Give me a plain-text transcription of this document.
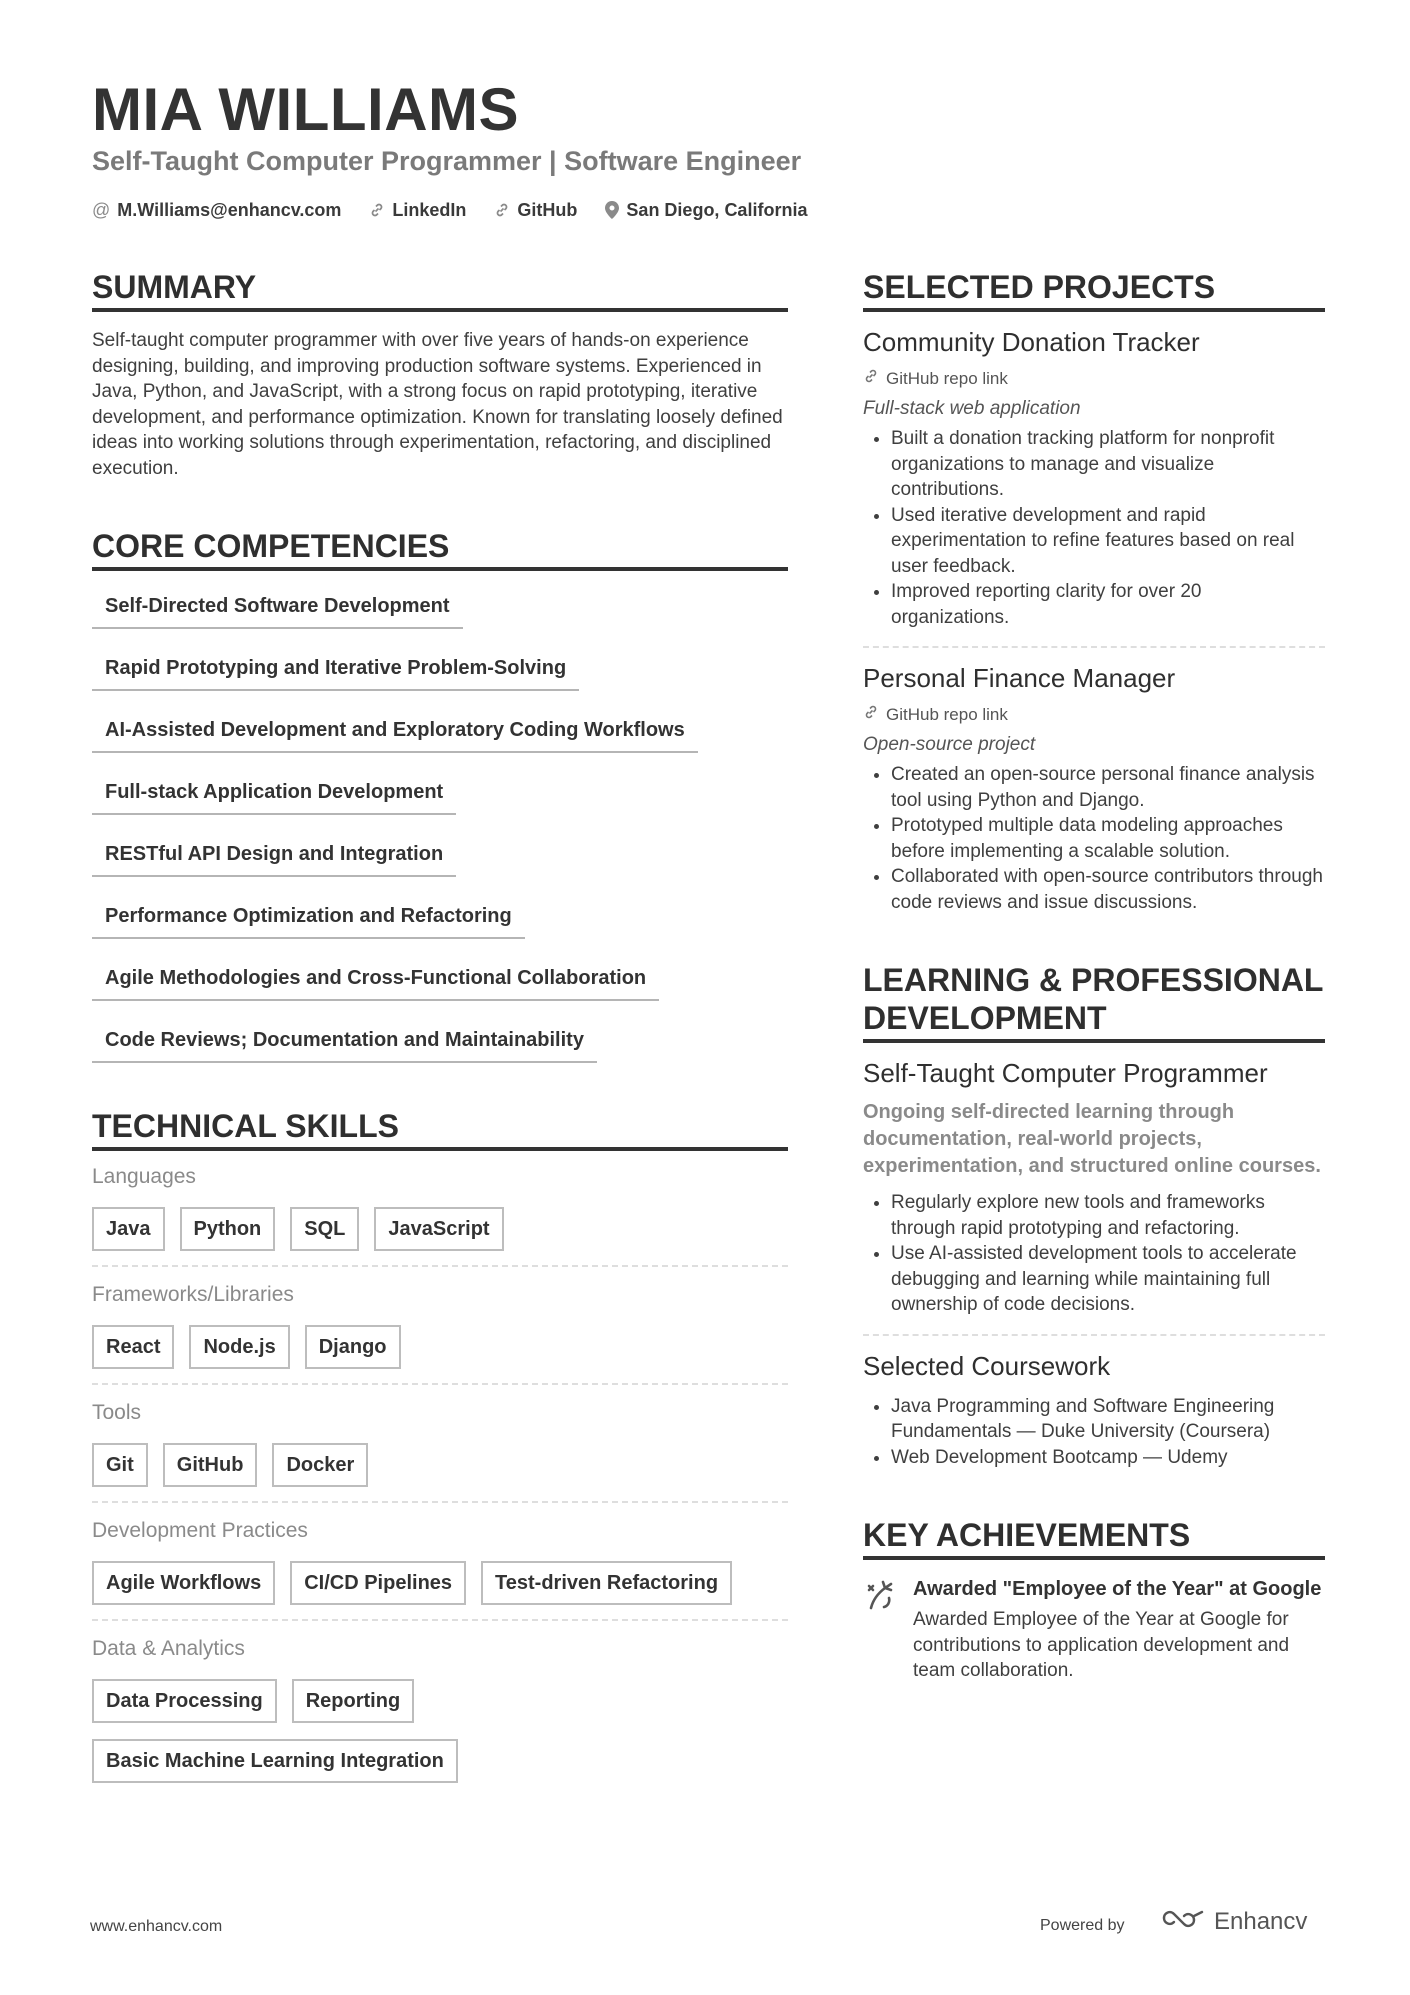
MIA WILLIAMS
Self-Taught Computer Programmer | Software Engineer
@ M.Williams@enhancv.com	LinkedIn	GitHub	San Diego, California
SUMMARY

Self-taught computer programmer with over five years of hands-on experience designing, building, and improving production software systems. Experienced in Java, Python, and JavaScript, with a strong focus on rapid prototyping, iterative development, and performance optimization. Known for translating loosely defined ideas into working solutions through experimentation, refactoring, and disciplined execution.

CORE COMPETENCIES
Self-Directed Software Development
Rapid Prototyping and Iterative Problem-Solving
AI-Assisted Development and Exploratory Coding Workflows
Full-stack Application Development
RESTful API Design and Integration
Performance Optimization and Refactoring
Agile Methodologies and Cross-Functional Collaboration
Code Reviews; Documentation and Maintainability
TECHNICAL SKILLS
Languages
Java	Python	SQL	JavaScript
Frameworks/Libraries
React	Node.js	Django
Tools
Git	GitHub	Docker
Development Practices
Agile Workflows	CI/CD Pipelines	Test-driven Refactoring
Data & Analytics
Data Processing	Reporting
Basic Machine Learning Integration
SELECTED PROJECTS
Community Donation Tracker
GitHub repo link
Full-stack web application
• Built a donation tracking platform for nonprofit organizations to manage and visualize contributions.
• Used iterative development and rapid experimentation to refine features based on real user feedback.
• Improved reporting clarity for over 20 organizations.
Personal Finance Manager
GitHub repo link
Open-source project
• Created an open-source personal finance analysis tool using Python and Django.
• Prototyped multiple data modeling approaches before implementing a scalable solution.
• Collaborated with open-source contributors through code reviews and issue discussions.
LEARNING & PROFESSIONAL DEVELOPMENT
Self-Taught Computer Programmer
Ongoing self-directed learning through documentation, real-world projects, experimentation, and structured online courses.
• Regularly explore new tools and frameworks through rapid prototyping and refactoring.
• Use AI-assisted development tools to accelerate debugging and learning while maintaining full ownership of code decisions.
Selected Coursework
• Java Programming and Software Engineering Fundamentals — Duke University (Coursera)
• Web Development Bootcamp — Udemy
KEY ACHIEVEMENTS
Awarded "Employee of the Year" at Google
Awarded Employee of the Year at Google for contributions to application development and team collaboration.
www.enhancv.com	Powered by	Enhancv
